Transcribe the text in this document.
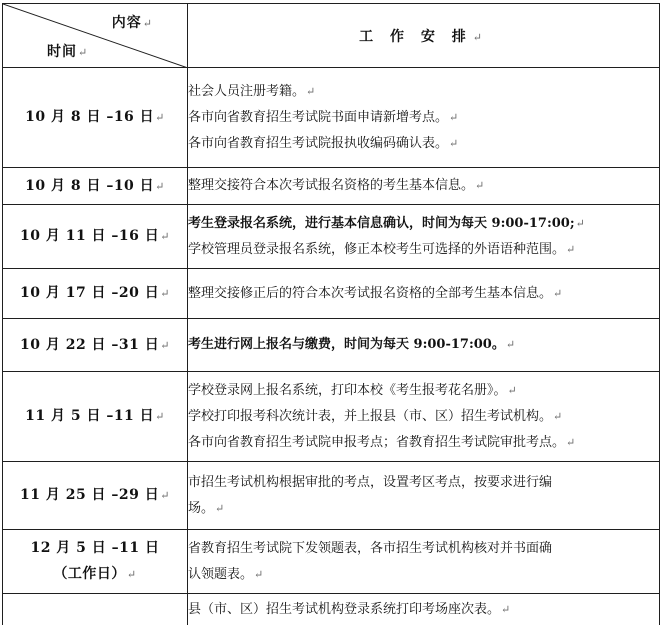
内容↵
时间↵	工 作 安 排↵
10 月 8 日 –16 日↵	社会人员注册考籍。↵
各市向省教育招生考试院书面申请新增考点。↵
各市向省教育招生考试院报执收编码确认表。↵

10 月 8 日 –10 日↵	整理交接符合本次考试报名资格的考生基本信息。↵

10 月 11 日 –16 日↵	考生登录报名系统，进行基本信息确认，时间为每天 9:00-17:00;↵
学校管理员登录报名系统，修正本校考生可选择的外语语种范围。↵

10 月 17 日 –20 日↵	整理交接修正后的符合本次考试报名资格的全部考生基本信息。↵

10 月 22 日 –31 日↵	考生进行网上报名与缴费，时间为每天 9:00-17:00。↵

11 月 5 日 –11 日↵	学校登录网上报名系统，打印本校《考生报考花名册》。↵
学校打印报考科次统计表，并上报县（市、区）招生考试机构。↵
各市向省教育招生考试院申报考点；省教育招生考试院审批考点。↵

11 月 25 日 –29 日↵	市招生考试机构根据审批的考点，设置考区考点，按要求进行编
场。↵

12 月 5 日 –11 日
（工作日）↵	省教育招生考试院下发领题表，各市招生考试机构核对并书面确
认领题表。↵

	县（市、区）招生考试机构登录系统打印考场座次表。↵
